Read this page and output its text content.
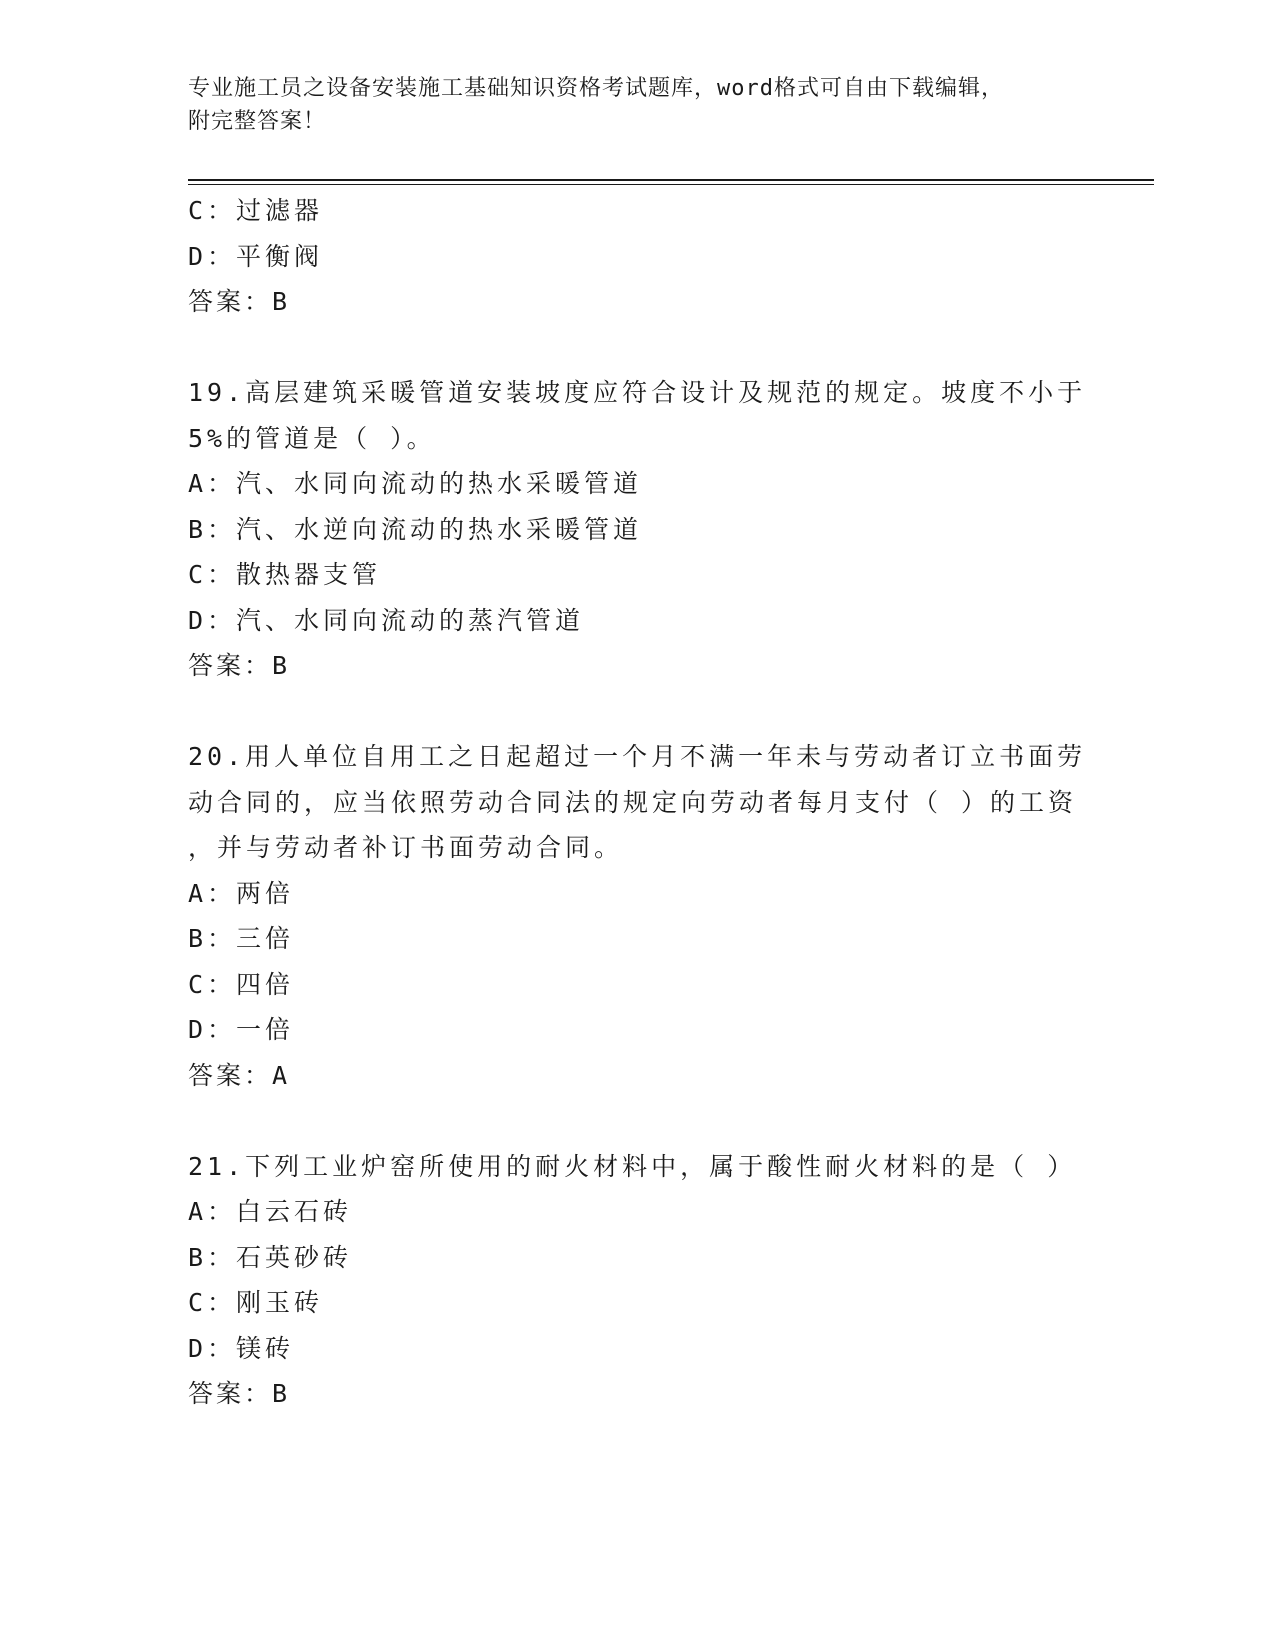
专业施工员之设备安装施工基础知识资格考试题库，word格式可自由下载编辑，
附完整答案！
C：过滤器
D：平衡阀
答案：B
19.高层建筑采暖管道安装坡度应符合设计及规范的规定。坡度不小于
5%的管道是（ ）。
A：汽、水同向流动的热水采暖管道
B：汽、水逆向流动的热水采暖管道
C：散热器支管
D：汽、水同向流动的蒸汽管道
答案：B
20.用人单位自用工之日起超过一个月不满一年未与劳动者订立书面劳
动合同的，应当依照劳动合同法的规定向劳动者每月支付（ ）的工资
，并与劳动者补订书面劳动合同。
A：两倍
B：三倍
C：四倍
D：一倍
答案：A
21.下列工业炉窑所使用的耐火材料中，属于酸性耐火材料的是（ ）
A：白云石砖
B：石英砂砖
C：刚玉砖
D：镁砖
答案：B
